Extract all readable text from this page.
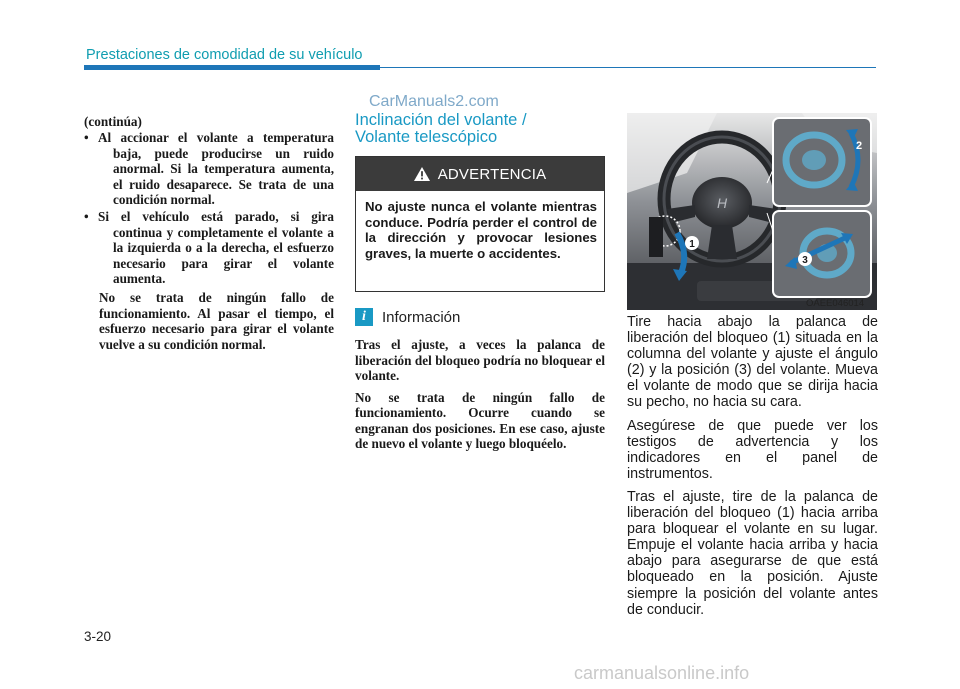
Prestaciones de comodidad de su vehículo
CarManuals2.com

(continúa)

• Al accionar el volante a temperatura baja, puede producirse un ruido anormal. Si la temperatura aumenta, el ruido desaparece. Se trata de una condición normal.

• Si el vehículo está parado, si gira continua y completamente el volante a la izquierda o a la derecha, el esfuerzo necesario para girar el volante aumenta.

No se trata de ningún fallo de funcionamiento. Al pasar el tiempo, el esfuerzo necesario para girar el volante vuelve a su condición normal.

Inclinación del volante /

Volante telescópico

ADVERTENCIA
No ajuste nunca el volante mientras conduce. Podría perder el control de la dirección y provocar lesiones graves, la muerte o accidentes.
i	Información

Tras el ajuste, a veces la palanca de liberación del bloqueo podría no bloquear el volante.

No se trata de ningún fallo de funcionamiento. Ocurre cuando se engranan dos posiciones. En ese caso, ajuste de nuevo el volante y luego bloquéelo.

H
1
2
3
OAEE046014

Tire hacia abajo la palanca de liberación del bloqueo (1) situada en la columna del volante y ajuste el ángulo (2) y la posición (3) del volante. Mueva el volante de modo que se dirija hacia su pecho, no hacia su cara.

Asegúrese de que puede ver los testigos de advertencia y los indicadores en el panel de instrumentos.

Tras el ajuste, tire de la palanca de liberación del bloqueo (1) hacia arriba para bloquear el volante en su lugar. Empuje el volante hacia arriba y hacia abajo para asegurarse de que está bloqueado en la posición. Ajuste siempre la posición del volante antes de conducir.

3-20
carmanualsonline.info
